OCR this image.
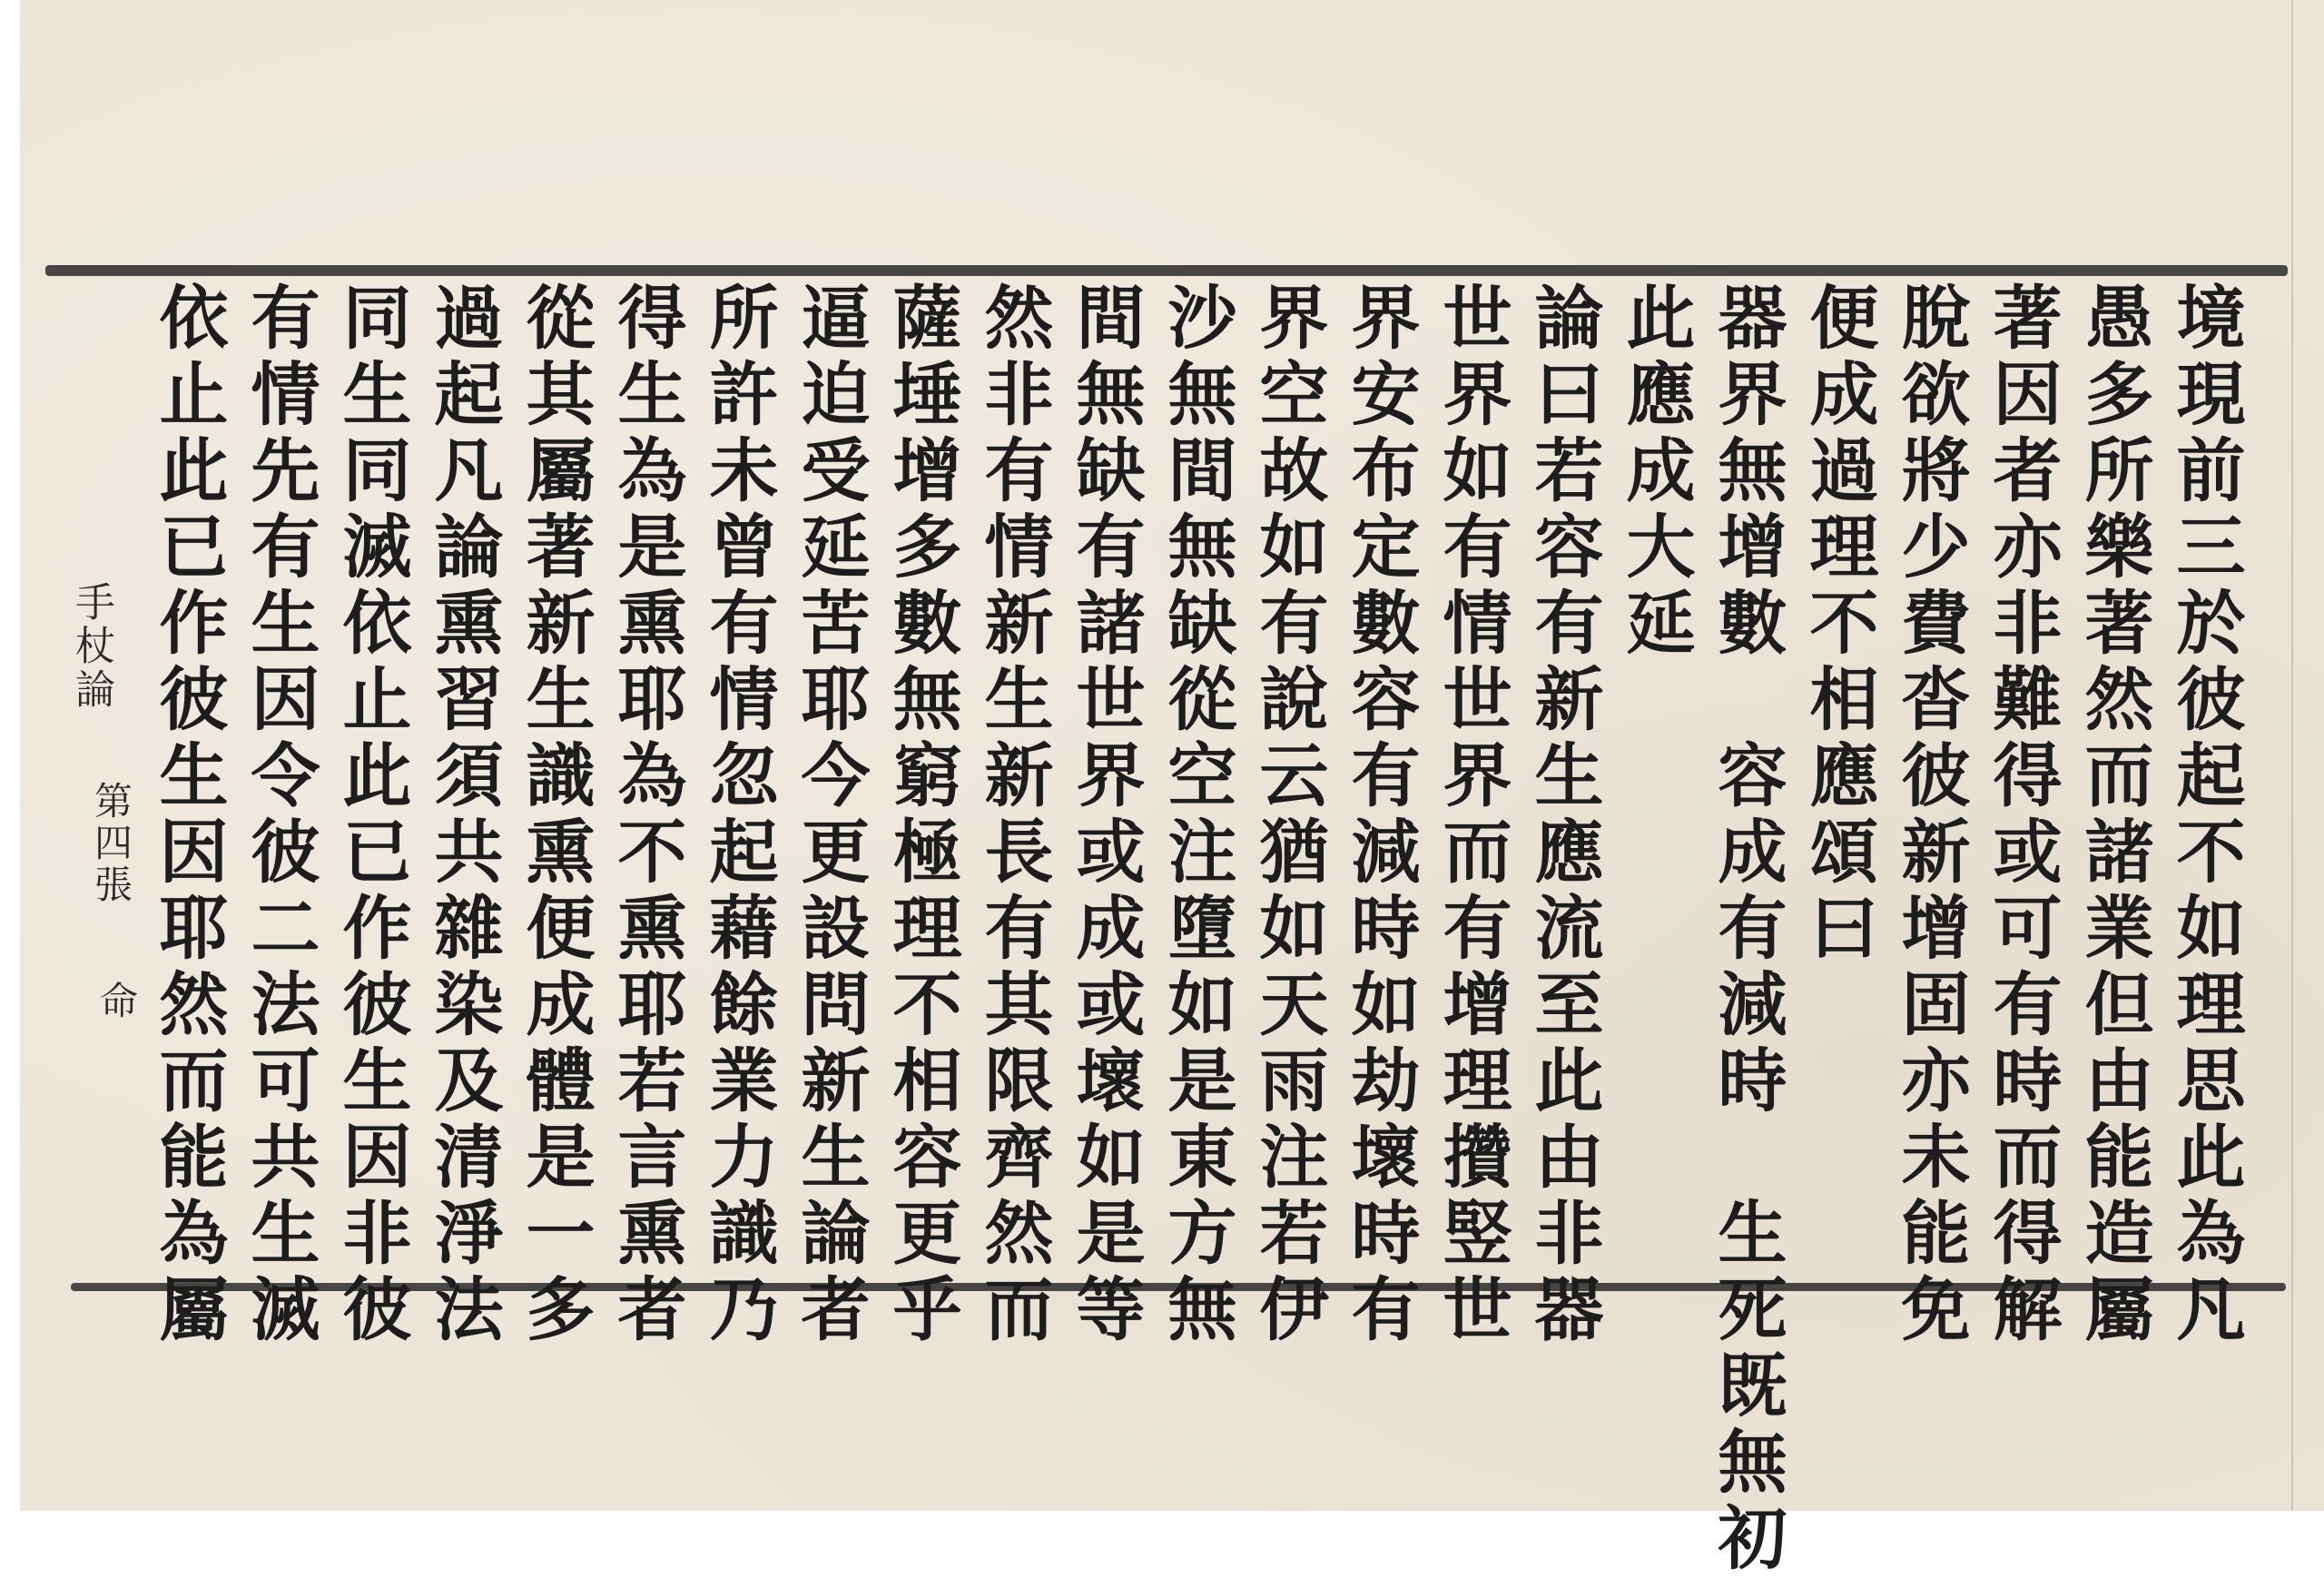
境現前三於彼起不如理思此為凡
愚多所樂著然而諸業但由能造屬
著因者亦非難得或可有時而得解
脫欲將少費沓彼新增固亦未能免
便成過理不相應頌曰
器界無增數　容成有減時　生死既無初
此應成大延
論曰若容有新生應流至此由非器
世界如有情世界而有增理攢竪世
界安布定數容有減時如劫壞時有
界空故如有說云猶如天雨注若伊
沙無間無缺從空注墮如是東方無
間無缺有諸世界或成或壞如是等
然非有情新生新長有其限齊然而
薩埵增多數無窮極理不相容更乎
逼迫受延苦耶今更設問新生論者
所許未曾有情忽起藉餘業力識乃
得生為是熏耶為不熏耶若言熏者
從其屬著新生識熏便成體是一多
過起凡論熏習須共雜染及清淨法
同生同滅依止此已作彼生因非彼
有情先有生因令彼二法可共生滅
依止此已作彼生因耶然而能為屬
手杖論
第四張
命
